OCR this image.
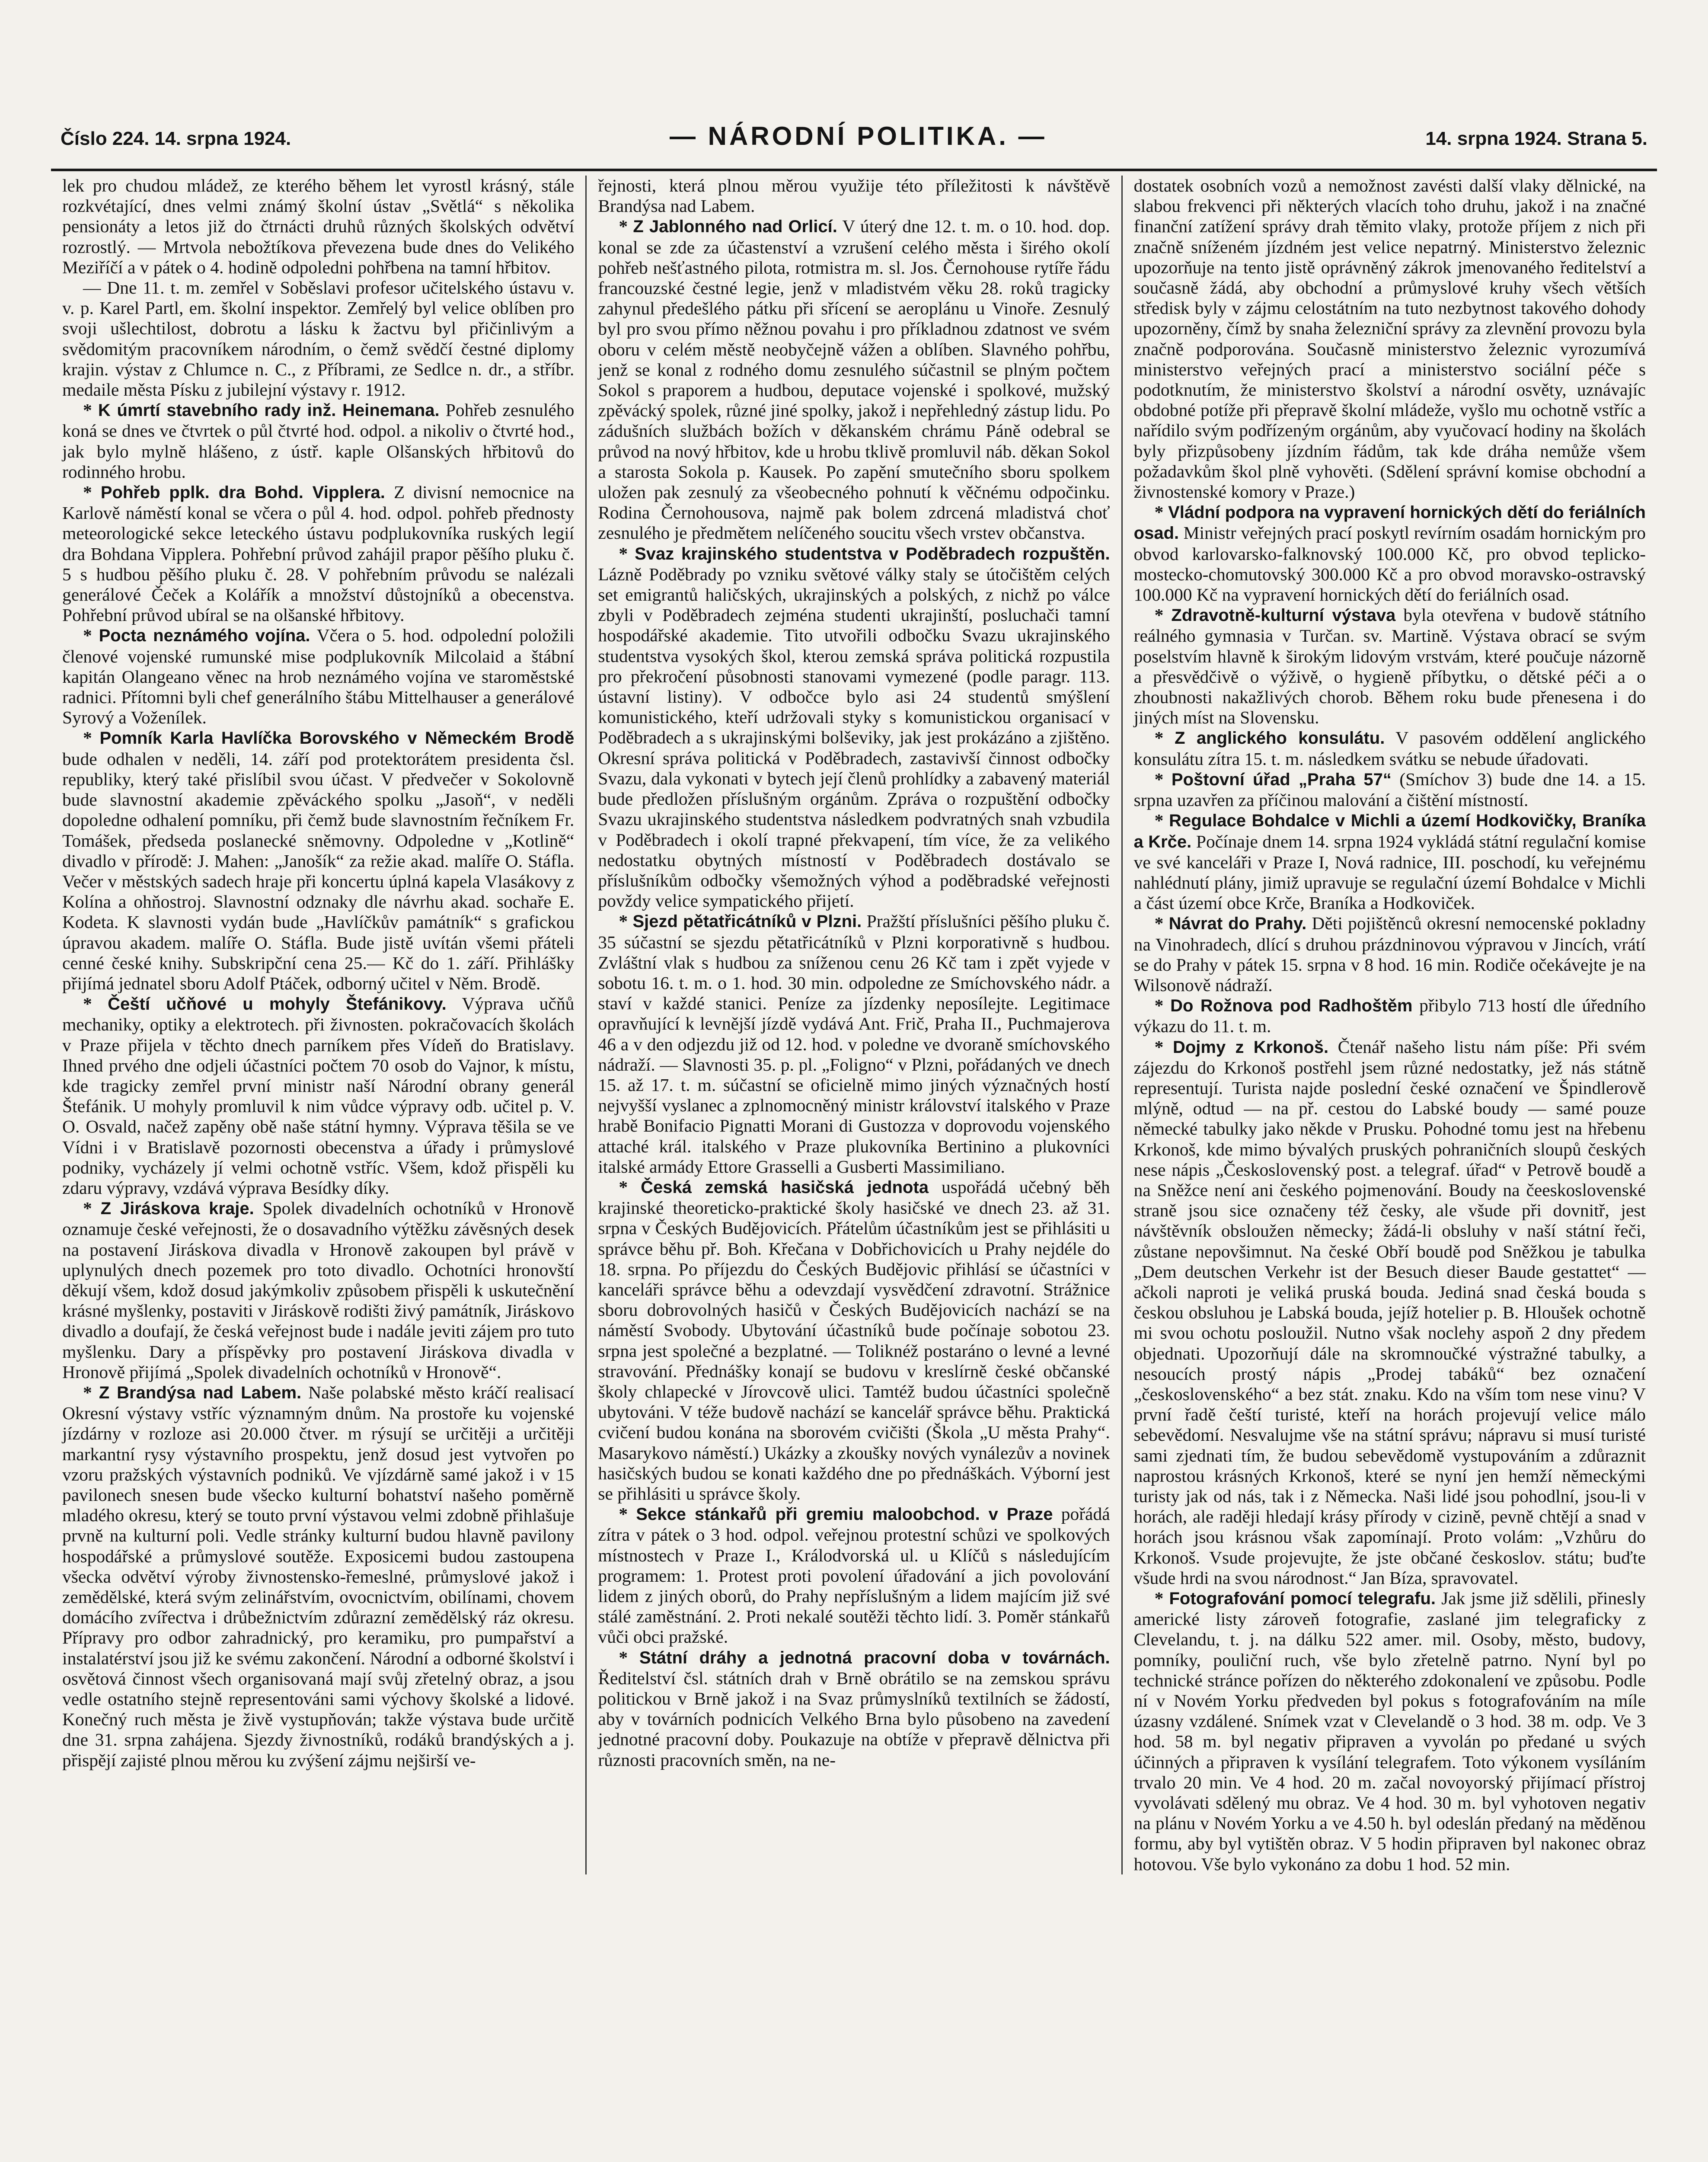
Číslo 224. 14. srpna 1924.	— NÁRODNÍ POLITIKA. —	14. srpna 1924. Strana 5.

lek pro chudou mládež, ze kterého během let vyrostl krásný, stále rozkvétající, dnes velmi známý školní ústav „Světlá“ s několika pensionáty a letos již do čtrnácti druhů různých školských odvětví rozrostlý. — Mrtvola nebožtíkova převezena bude dnes do Velikého Meziříčí a v pátek o 4. hodině odpoledni pohřbena na tamní hřbitov.

— Dne 11. t. m. zemřel v Soběslavi profesor učitelského ústavu v. v. p. Karel Partl, em. školní inspektor. Zemřelý byl velice oblíben pro svoji ušlechtilost, dobrotu a lásku k žactvu byl přičinlivým a svědomitým pracovníkem národním, o čemž svědčí čestné diplomy krajin. výstav z Chlumce n. C., z Příbrami, ze Sedlce n. dr., a stříbr. medaile města Písku z jubilejní výstavy r. 1912.

* K úmrtí stavebního rady inž. Heinemana. Pohřeb zesnulého koná se dnes ve čtvrtek o půl čtvrté hod. odpol. a nikoliv o čtvrté hod., jak bylo mylně hlášeno, z ústř. kaple Olšanských hřbitovů do rodinného hrobu.

* Pohřeb pplk. dra Bohd. Vipplera. Z divisní nemocnice na Karlově náměstí konal se včera o půl 4. hod. odpol. pohřeb přednosty meteorologické sekce leteckého ústavu podplukovníka ruských legií dra Bohdana Vipplera. Pohřební průvod zahájil prapor pěšího pluku č. 5 s hudbou pěšího pluku č. 28. V pohřebním průvodu se nalézali generálové Čeček a Kolářík a množství důstojníků a obecenstva. Pohřební průvod ubíral se na olšanské hřbitovy.

* Pocta neznámého vojína. Včera o 5. hod. odpolední položili členové vojenské rumunské mise podplukovník Milcolaid a štábní kapitán Olangeano věnec na hrob neznámého vojína ve staroměstské radnici. Přítomni byli chef generálního štábu Mittelhauser a generálové Syrový a Voženílek.

* Pomník Karla Havlíčka Borovského v Německém Brodě bude odhalen v neděli, 14. září pod protektorátem presidenta čsl. republiky, který také přislíbil svou účast. V předvečer v Sokolovně bude slavnostní akademie zpěváckého spolku „Jasoň“, v neděli dopoledne odhalení pomníku, při čemž bude slavnostním řečníkem Fr. Tomášek, předseda poslanecké sněmovny. Odpoledne v „Kotlině“ divadlo v přírodě: J. Mahen: „Janošík“ za režie akad. malíře O. Stáfla. Večer v městských sadech hraje při koncertu úplná kapela Vlasákovy z Kolína a ohňostroj. Slavnostní odznaky dle návrhu akad. sochaře E. Kodeta. K slavnosti vydán bude „Havlíčkův památník“ s grafickou úpravou akadem. malíře O. Stáfla. Bude jistě uvítán všemi přáteli cenné české knihy. Subskripční cena 25.— Kč do 1. září. Přihlášky přijímá jednatel sboru Adolf Ptáček, odborný učitel v Něm. Brodě.

* Čeští učňové u mohyly Štefánikovy. Výprava učňů mechaniky, optiky a elektrotech. při živnosten. pokračovacích školách v Praze přijela v těchto dnech parníkem přes Vídeň do Bratislavy. Ihned prvého dne odjeli účastníci počtem 70 osob do Vajnor, k místu, kde tragicky zemřel první ministr naší Národní obrany generál Štefánik. U mohyly promluvil k nim vůdce výpravy odb. učitel p. V. O. Osvald, načež zapěny obě naše státní hymny. Výprava těšila se ve Vídni i v Bratislavě pozornosti obecenstva a úřady i průmyslové podniky, vycházely jí velmi ochotně vstříc. Všem, kdož přispěli ku zdaru výpravy, vzdává výprava Besídky díky.

* Z Jiráskova kraje. Spolek divadelních ochotníků v Hronově oznamuje české veřejnosti, že o dosavadního výtěžku závěsných desek na postavení Jiráskova divadla v Hronově zakoupen byl právě v uplynulých dnech pozemek pro toto divadlo. Ochotníci hronovští děkují všem, kdož dosud jakýmkoliv způsobem přispěli k uskutečnění krásné myšlenky, postaviti v Jiráskově rodišti živý památník, Jiráskovo divadlo a doufají, že česká veřejnost bude i nadále jeviti zájem pro tuto myšlenku. Dary a příspěvky pro postavení Jiráskova divadla v Hronově přijímá „Spolek divadelních ochotníků v Hronově“.

* Z Brandýsa nad Labem. Naše polabské město kráčí realisací Okresní výstavy vstříc významným dnům. Na prostoře ku vojenské jízdárny v rozloze asi 20.000 čtver. m rýsují se určitěji a určitěji markantní rysy výstavního prospektu, jenž dosud jest vytvořen po vzoru pražských výstavních podniků. Ve vjízdárně samé jakož i v 15 pavilonech snesen bude všecko kulturní bohatství našeho poměrně mladého okresu, který se touto první výstavou velmi zdobně přihlašuje prvně na kulturní poli. Vedle stránky kulturní budou hlavně pavilony hospodářské a průmyslové soutěže. Exposicemi budou zastoupena všecka odvětví výroby živnostensko-řemeslné, průmyslové jakož i zemědělské, která svým zelinářstvím, ovocnictvím, obilínami, chovem domácího zvířectva i drůbežnictvím zdůrazní zemědělský ráz okresu. Přípravy pro odbor zahradnický, pro keramiku, pro pumpařství a instalatérství jsou již ke svému zakončení. Národní a odborné školství i osvětová činnost všech organisovaná mají svůj zřetelný obraz, a jsou vedle ostatního stejně representováni sami výchovy školské a lidové. Konečný ruch města je živě vystupňován; takže výstava bude určitě dne 31. srpna zahájena. Sjezdy živnostníků, rodáků brandýských a j. přispějí zajisté plnou měrou ku zvýšení zájmu nejširší ve-

řejnosti, která plnou měrou využije této příležitosti k návštěvě Brandýsa nad Labem.

* Z Jablonného nad Orlicí. V úterý dne 12. t. m. o 10. hod. dop. konal se zde za účastenství a vzrušení celého města i širého okolí pohřeb nešťastného pilota, rotmistra m. sl. Jos. Černohouse rytíře řádu francouzské čestné legie, jenž v mladistvém věku 28. roků tragicky zahynul předešlého pátku při sřícení se aeroplánu u Vinoře. Zesnulý byl pro svou přímo něžnou povahu i pro příkladnou zdatnost ve svém oboru v celém městě neobyčejně vážen a oblíben. Slavného pohřbu, jenž se konal z rodného domu zesnulého súčastnil se plným počtem Sokol s praporem a hudbou, deputace vojenské i spolkové, mužský zpěvácký spolek, různé jiné spolky, jakož i nepřehledný zástup lidu. Po zádušních službách božích v děkanském chrámu Páně odebral se průvod na nový hřbitov, kde u hrobu tklivě promluvil náb. děkan Sokol a starosta Sokola p. Kausek. Po zapění smutečního sboru spolkem uložen pak zesnulý za všeobecného pohnutí k věčnému odpočinku. Rodina Černohousova, najmě pak bolem zdrcená mladistvá choť zesnulého je předmětem nelíčeného soucitu všech vrstev občanstva.

* Svaz krajinského studentstva v Poděbradech rozpuštěn. Lázně Poděbrady po vzniku světové války staly se útočištěm celých set emigrantů haličských, ukrajinských a polských, z nichž po válce zbyli v Poděbradech zejména studenti ukrajinští, posluchači tamní hospodářské akademie. Tito utvořili odbočku Svazu ukrajinského studentstva vysokých škol, kterou zemská správa politická rozpustila pro překročení působnosti stanovami vymezené (podle paragr. 113. ústavní listiny). V odbočce bylo asi 24 studentů smýšlení komunistického, kteří udržovali styky s komunistickou organisací v Poděbradech a s ukrajinskými bolševiky, jak jest prokázáno a zjištěno. Okresní správa politická v Poděbradech, zastavivší činnost odbočky Svazu, dala vykonati v bytech její členů prohlídky a zabavený materiál bude předložen příslušným orgánům. Zpráva o rozpuštění odbočky Svazu ukrajinského studentstva následkem podvratných snah vzbudila v Poděbradech i okolí trapné překvapení, tím více, že za velikého nedostatku obytných místností v Poděbradech dostávalo se příslušníkům odbočky všemožných výhod a poděbradské veřejnosti povždy velice sympatického přijetí.

* Sjezd pětatřicátníků v Plzni. Pražští příslušníci pěšího pluku č. 35 súčastní se sjezdu pětatřicátníků v Plzni korporativně s hudbou. Zvláštní vlak s hudbou za sníženou cenu 26 Kč tam i zpět vyjede v sobotu 16. t. m. o 1. hod. 30 min. odpoledne ze Smíchovského nádr. a staví v každé stanici. Peníze za jízdenky neposílejte. Legitimace opravňující k levnější jízdě vydává Ant. Frič, Praha II., Puchmajerova 46 a v den odjezdu již od 12. hod. v poledne ve dvoraně smíchovského nádraží. — Slavnosti 35. p. pl. „Foligno“ v Plzni, pořádaných ve dnech 15. až 17. t. m. súčastní se oficielně mimo jiných význačných hostí nejvyšší vyslanec a zplnomocněný ministr království italského v Praze hrabě Bonifacio Pignatti Morani di Gustozza v doprovodu vojenského attaché král. italského v Praze plukovníka Bertinino a plukovníci italské armády Ettore Grasselli a Gusberti Massimiliano.

* Česká zemská hasičská jednota uspořádá učebný běh krajinské theoreticko-praktické školy hasičské ve dnech 23. až 31. srpna v Českých Budějovicích. Přátelům účastníkům jest se přihlásiti u správce běhu př. Boh. Křečana v Dobřichovicích u Prahy nejdéle do 18. srpna. Po příjezdu do Českých Budějovic přihlásí se účastníci v kanceláři správce běhu a odevzdají vysvědčení zdravotní. Strážnice sboru dobrovolných hasičů v Českých Budějovicích nachází se na náměstí Svobody. Ubytování účastníků bude počínaje sobotou 23. srpna jest společné a bezplatné. — Toliknéž postaráno o levné a levné stravování. Přednášky konají se budovu v kreslírně české občanské školy chlapecké v Jírovcově ulici. Tamtéž budou účastníci společně ubytováni. V téže budově nachází se kancelář správce běhu. Praktická cvičení budou konána na sborovém cvičišti (Škola „U města Prahy“. Masarykovo náměstí.) Ukázky a zkoušky nových vynálezův a novinek hasičských budou se konati každého dne po přednáškách. Výborní jest se přihlásiti u správce školy.

* Sekce stánkařů při gremiu maloobchod. v Praze pořádá zítra v pátek o 3 hod. odpol. veřejnou protestní schůzi ve spolkových místnostech v Praze I., Králodvorská ul. u Klíčů s následujícím programem: 1. Protest proti povolení úřadování a jich povolování lidem z jiných oborů, do Prahy nepříslušným a lidem majícím již své stálé zaměstnání. 2. Proti nekalé soutěži těchto lidí. 3. Poměr stánkařů vůči obci pražské.

* Státní dráhy a jednotná pracovní doba v továrnách. Ředitelství čsl. státních drah v Brně obrátilo se na zemskou správu politickou v Brně jakož i na Svaz průmyslníků textilních se žádostí, aby v továrních podnicích Velkého Brna bylo působeno na zavedení jednotné pracovní doby. Poukazuje na obtíže v přepravě dělnictva při různosti pracovních směn, na ne-

dostatek osobních vozů a nemožnost zavésti další vlaky dělnické, na slabou frekvenci při některých vlacích toho druhu, jakož i na značné finanční zatížení správy drah těmito vlaky, protože příjem z nich při značně sníženém jízdném jest velice nepatrný. Ministerstvo železnic upozorňuje na tento jistě oprávněný zákrok jmenovaného ředitelství a současně žádá, aby obchodní a průmyslové kruhy všech větších středisk byly v zájmu celostátním na tuto nezbytnost takového dohody upozorněny, čímž by snaha železniční správy za zlevnění provozu byla značně podporována. Současně ministerstvo železnic vyrozumívá ministerstvo veřejných prací a ministerstvo sociální péče s podotknutím, že ministerstvo školství a národní osvěty, uznávajíc obdobné potíže při přepravě školní mládeže, vyšlo mu ochotně vstříc a nařídilo svým podřízeným orgánům, aby vyučovací hodiny na školách byly přizpůsobeny jízdním řádům, tak kde dráha nemůže všem požadavkům škol plně vyhověti. (Sdělení správní komise obchodní a živnostenské komory v Praze.)

* Vládní podpora na vypravení hornických dětí do feriálních osad. Ministr veřejných prací poskytl revírním osadám hornickým pro obvod karlovarsko-falknovský 100.000 Kč, pro obvod teplicko-mostecko-chomutovský 300.000 Kč a pro obvod moravsko-ostravský 100.000 Kč na vypravení hornických dětí do feriálních osad.

* Zdravotně-kulturní výstava byla otevřena v budově státního reálného gymnasia v Turčan. sv. Martině. Výstava obrací se svým poselstvím hlavně k širokým lidovým vrstvám, které poučuje názorně a přesvědčivě o výživě, o hygieně příbytku, o dětské péči a o zhoubnosti nakažlivých chorob. Během roku bude přenesena i do jiných míst na Slovensku.

* Z anglického konsulátu. V pasovém oddělení anglického konsulátu zítra 15. t. m. následkem svátku se nebude úřadovati.

* Poštovní úřad „Praha 57“ (Smíchov 3) bude dne 14. a 15. srpna uzavřen za příčinou malování a čištění místností.

* Regulace Bohdalce v Michli a území Hodkovičky, Braníka a Krče. Počínaje dnem 14. srpna 1924 vykládá státní regulační komise ve své kanceláři v Praze I, Nová radnice, III. poschodí, ku veřejnému nahlédnutí plány, jimiž upravuje se regulační území Bohdalce v Michli a část území obce Krče, Braníka a Hodkoviček.

* Návrat do Prahy. Děti pojištěnců okresní nemocenské pokladny na Vinohradech, dlící s druhou prázdninovou výpravou v Jincích, vrátí se do Prahy v pátek 15. srpna v 8 hod. 16 min. Rodiče očekávejte je na Wilsonově nádraží.

* Do Rožnova pod Radhoštěm přibylo 713 hostí dle úředního výkazu do 11. t. m.

* Dojmy z Krkonoš. Čtenář našeho listu nám píše: Při svém zájezdu do Krkonoš postřehl jsem různé nedostatky, jež nás státně representují. Turista najde poslední české označení ve Špindlerově mlýně, odtud — na př. cestou do Labské boudy — samé pouze německé tabulky jako někde v Prusku. Pohodné tomu jest na hřebenu Krkonoš, kde mimo bývalých pruských pohraničních sloupů českých nese nápis „Československý post. a telegraf. úřad“ v Petrově boudě a na Sněžce není ani českého pojmenování. Boudy na čeeskoslovenské straně jsou sice označeny též česky, ale všude při dovnitř, jest návštěvník obsloužen německy; žádá-li obsluhy v naší státní řeči, zůstane nepovšimnut. Na české Obří boudě pod Sněžkou je tabulka „Dem deutschen Verkehr ist der Besuch dieser Baude gestattet“ — ačkoli naproti je veliká pruská bouda. Jediná snad česká bouda s českou obsluhou je Labská bouda, jejíž hotelier p. B. Hloušek ochotně mi svou ochotu posloužil. Nutno však noclehy aspoň 2 dny předem objednati. Upozorňují dále na skromnoučké výstražné tabulky, a nesoucích prostý nápis „Prodej tabáků“ bez označení „československého“ a bez stát. znaku. Kdo na vším tom nese vinu? V první řadě čeští turisté, kteří na horách projevují velice málo sebevědomí. Nesvalujme vše na státní správu; nápravu si musí turisté sami zjednati tím, že budou sebevědomě vystupováním a zdůraznit naprostou krásných Krkonoš, které se nyní jen hemží německými turisty jak od nás, tak i z Německa. Naši lidé jsou pohodlní, jsou-li v horách, ale raději hledají krásy přírody v cizině, pevně chtějí a snad v horách jsou krásnou však zapomínají. Proto volám: „Vzhůru do Krkonoš. Vsude projevujte, že jste občané českoslov. státu; buďte všude hrdi na svou národnost.“ Jan Bíza, spravovatel.

* Fotografování pomocí telegrafu. Jak jsme již sdělili, přinesly americké listy zároveň fotografie, zaslané jim telegraficky z Clevelandu, t. j. na dálku 522 amer. mil. Osoby, město, budovy, pomníky, pouliční ruch, vše bylo zřetelně patrno. Nyní byl po technické stránce pořízen do některého zdokonalení ve způsobu. Podle ní v Novém Yorku předveden byl pokus s fotografováním na míle úzasny vzdálené. Snímek vzat v Clevelandě o 3 hod. 38 m. odp. Ve 3 hod. 58 m. byl negativ připraven a vyvolán po předané u svých účinných a připraven k vysílání telegrafem. Toto výkonem vysíláním trvalo 20 min. Ve 4 hod. 20 m. začal novoyorský přijímací přístroj vyvolávati sdělený mu obraz. Ve 4 hod. 30 m. byl vyhotoven negativ na plánu v Novém Yorku a ve 4.50 h. byl odeslán předaný na měděnou formu, aby byl vytištěn obraz. V 5 hodin připraven byl nakonec obraz hotovou. Vše bylo vykonáno za dobu 1 hod. 52 min.
